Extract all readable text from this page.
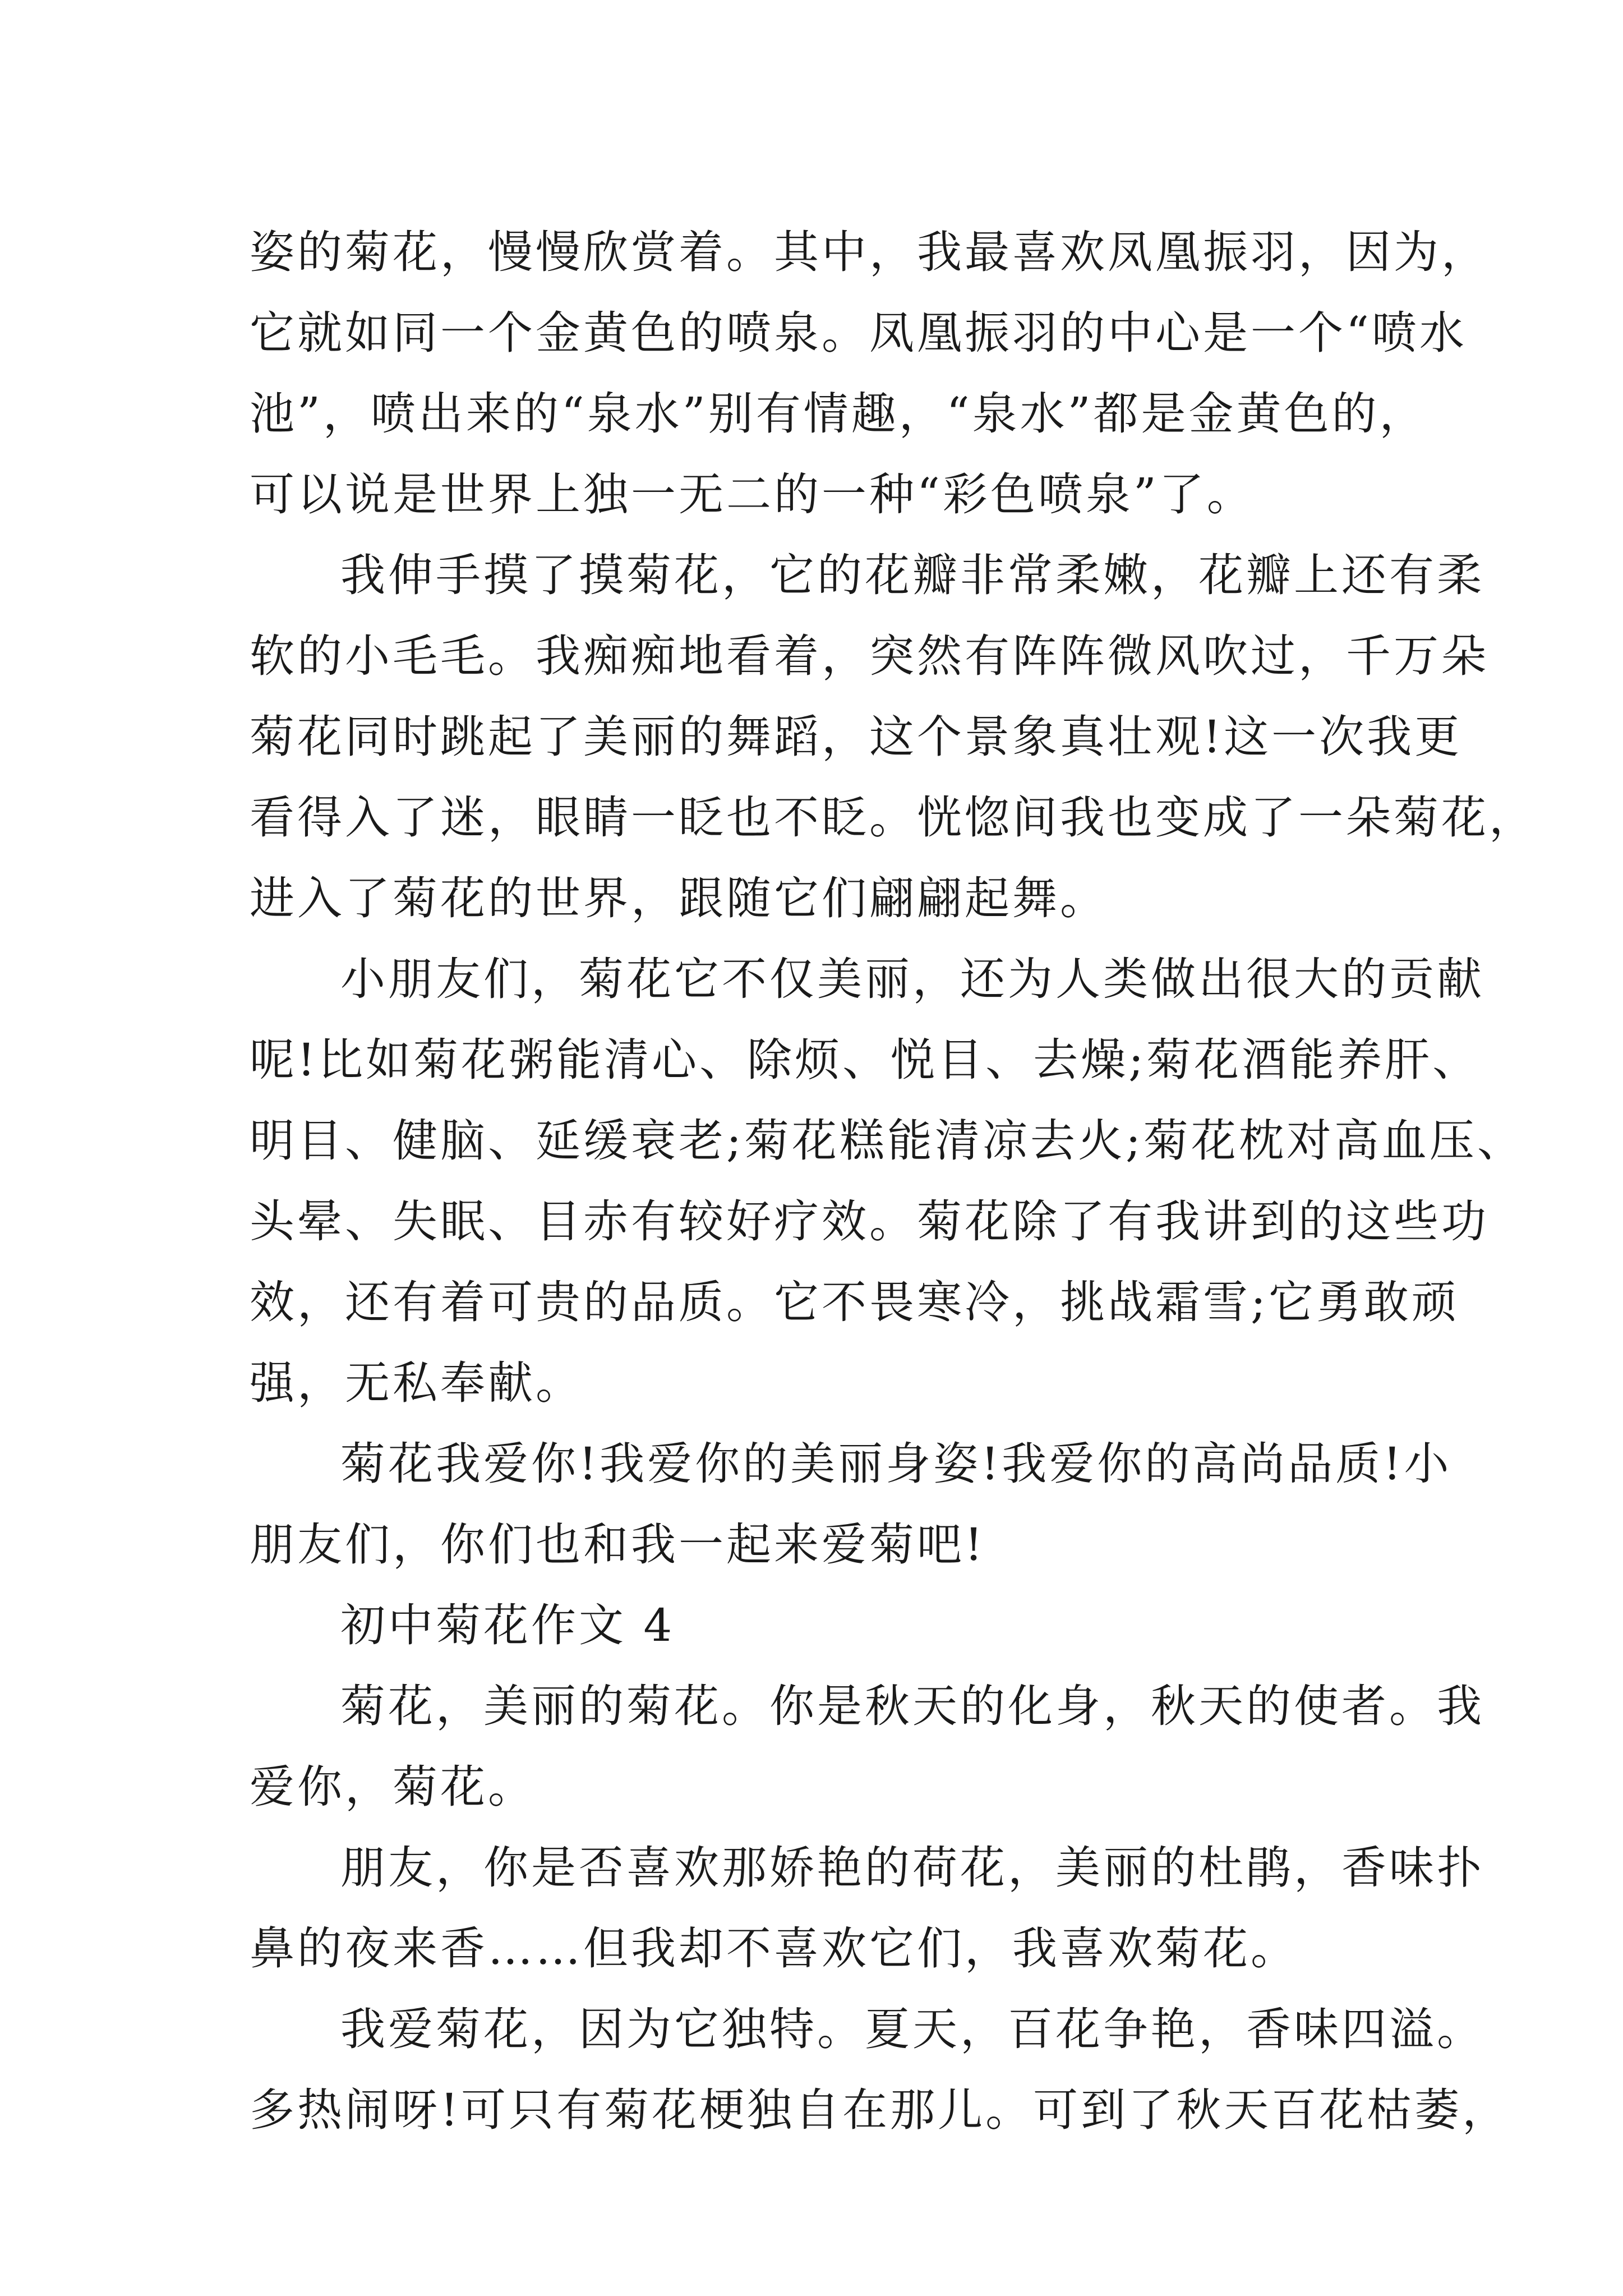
姿的菊花，慢慢欣赏着。其中，我最喜欢凤凰振羽，因为，
它就如同一个金黄色的喷泉。凤凰振羽的中心是一个“喷水
池”，喷出来的“泉水”别有情趣，“泉水”都是金黄色的，
可以说是世界上独一无二的一种“彩色喷泉”了。
我伸手摸了摸菊花，它的花瓣非常柔嫩，花瓣上还有柔
软的小毛毛。我痴痴地看着，突然有阵阵微风吹过，千万朵
菊花同时跳起了美丽的舞蹈，这个景象真壮观!这一次我更
看得入了迷，眼睛一眨也不眨。恍惚间我也变成了一朵菊花，
进入了菊花的世界，跟随它们翩翩起舞。
小朋友们，菊花它不仅美丽，还为人类做出很大的贡献
呢!比如菊花粥能清心、除烦、悦目、去燥;菊花酒能养肝、
明目、健脑、延缓衰老;菊花糕能清凉去火;菊花枕对高血压、
头晕、失眠、目赤有较好疗效。菊花除了有我讲到的这些功
效，还有着可贵的品质。它不畏寒冷，挑战霜雪;它勇敢顽
强，无私奉献。
菊花我爱你!我爱你的美丽身姿!我爱你的高尚品质!小
朋友们，你们也和我一起来爱菊吧!
初中菊花作文 4
菊花，美丽的菊花。你是秋天的化身，秋天的使者。我
爱你，菊花。
朋友，你是否喜欢那娇艳的荷花，美丽的杜鹃，香味扑
鼻的夜来香……但我却不喜欢它们，我喜欢菊花。
我爱菊花，因为它独特。夏天，百花争艳，香味四溢。
多热闹呀!可只有菊花梗独自在那儿。可到了秋天百花枯萎，
